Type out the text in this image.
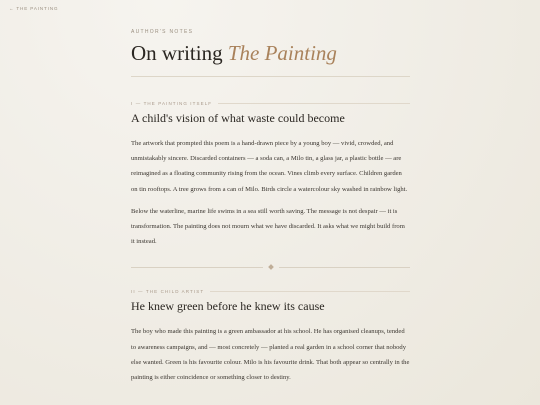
← THE PAINTING
AUTHOR'S NOTES
On writing The Painting
I — THE PAINTING ITSELF
A child's vision of what waste could become

The artwork that prompted this poem is a hand-drawn piece by a young boy — vivid, crowded, and unmistakably sincere. Discarded containers — a soda can, a Milo tin, a glass jar, a plastic bottle — are reimagined as a floating community rising from the ocean. Vines climb every surface. Children garden on tin rooftops. A tree grows from a can of Milo. Birds circle a watercolour sky washed in rainbow light.

Below the waterline, marine life swims in a sea still worth saving. The message is not despair — it is transformation. The painting does not mourn what we have discarded. It asks what we might build from it instead.

II — THE CHILD ARTIST
He knew green before he knew its cause

The boy who made this painting is a green ambassador at his school. He has organised cleanups, tended to awareness campaigns, and — most concretely — planted a real garden in a school corner that nobody else wanted. Green is his favourite colour. Milo is his favourite drink. That both appear so centrally in the painting is either coincidence or something closer to destiny.
